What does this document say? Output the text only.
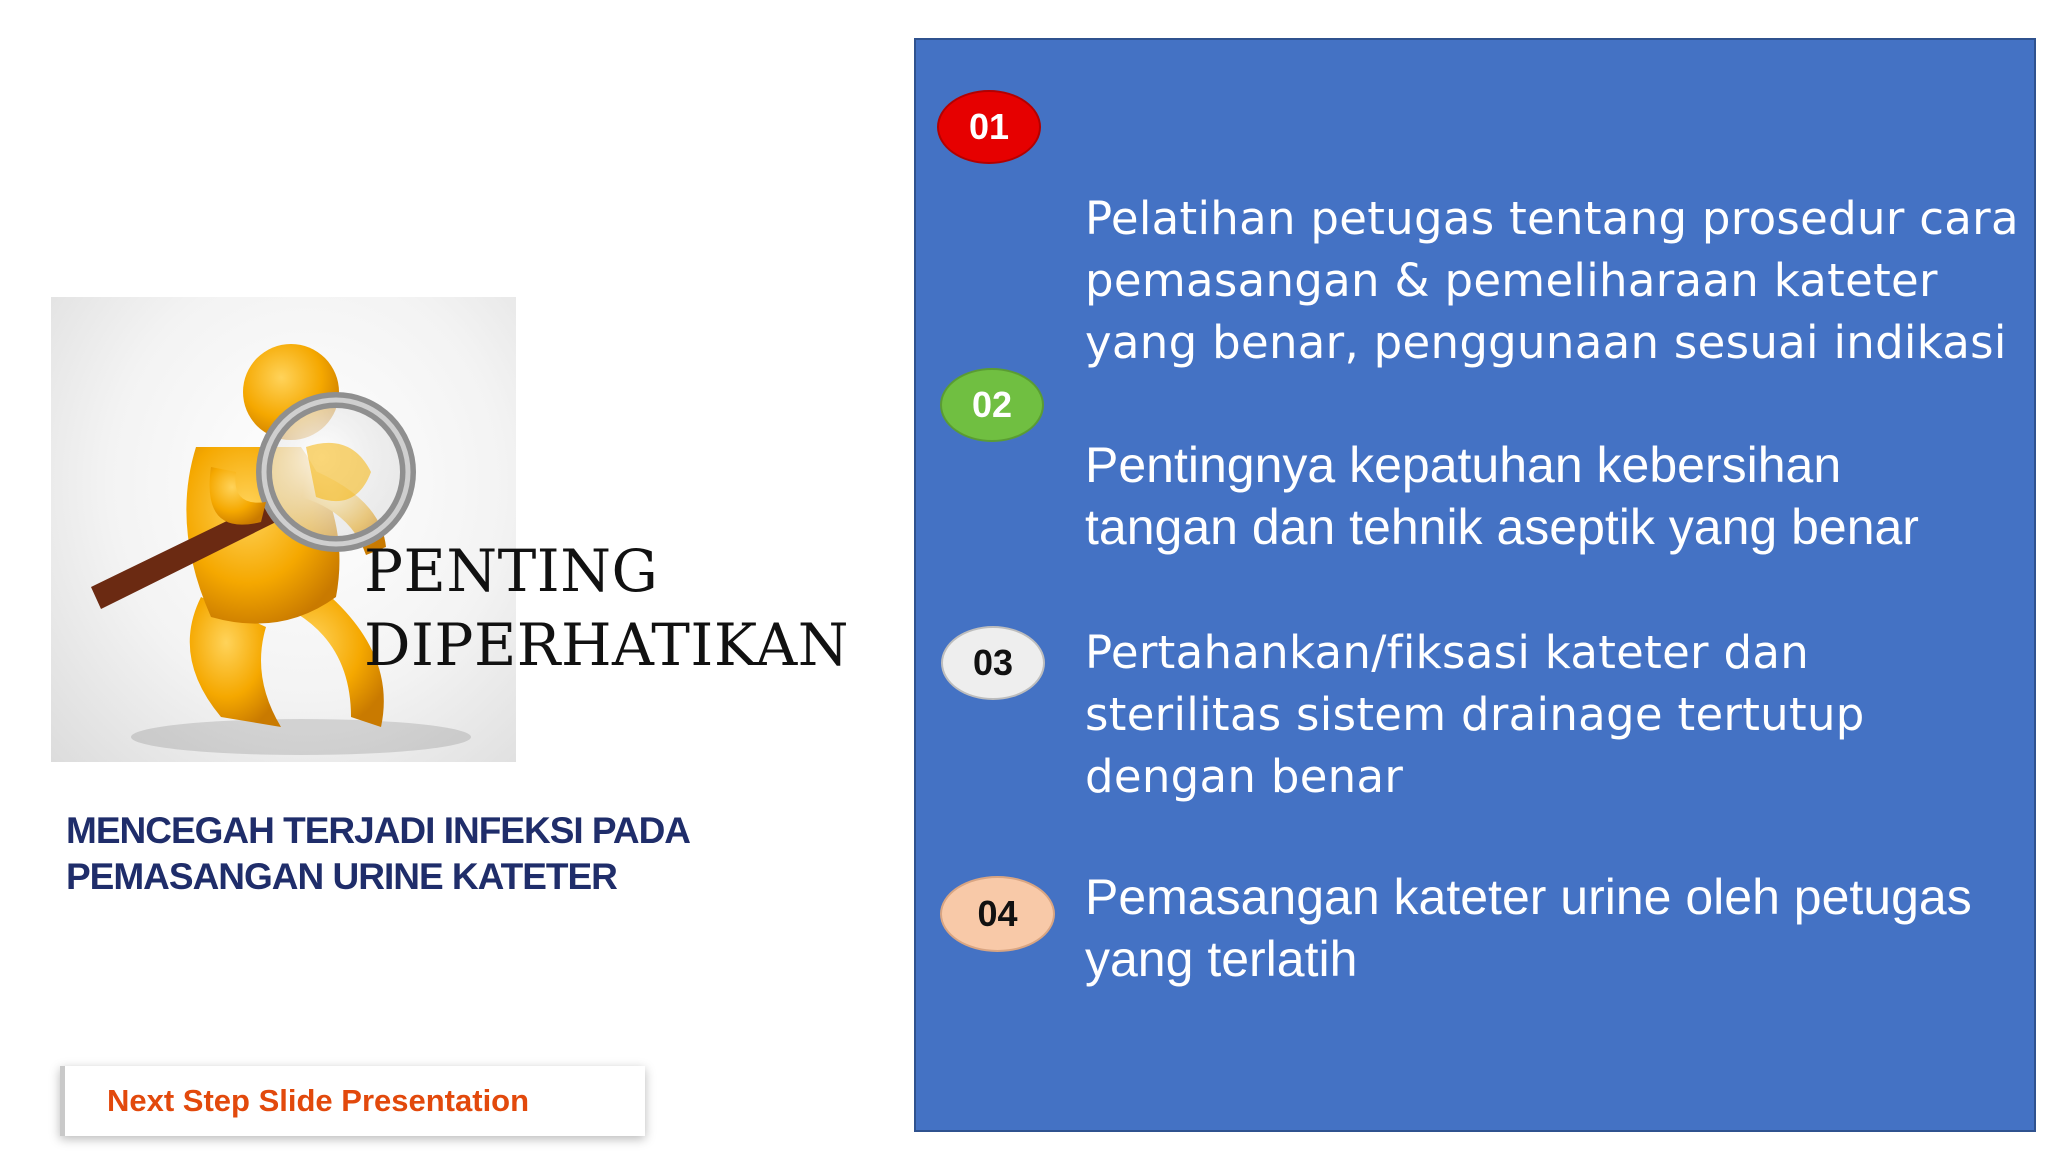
PENTING
DIPERHATIKAN
MENCEGAH TERJADI INFEKSI PADA
PEMASANGAN URINE KATETER
Next Step Slide Presentation
01
02
03
04
Pelatihan petugas tentang prosedur cara
pemasangan & pemeliharaan kateter
yang benar, penggunaan sesuai indikasi
Pentingnya kepatuhan kebersihan
tangan dan tehnik aseptik yang benar
Pertahankan/fiksasi kateter dan
sterilitas sistem drainage tertutup
dengan benar
Pemasangan kateter urine oleh petugas
yang terlatih
